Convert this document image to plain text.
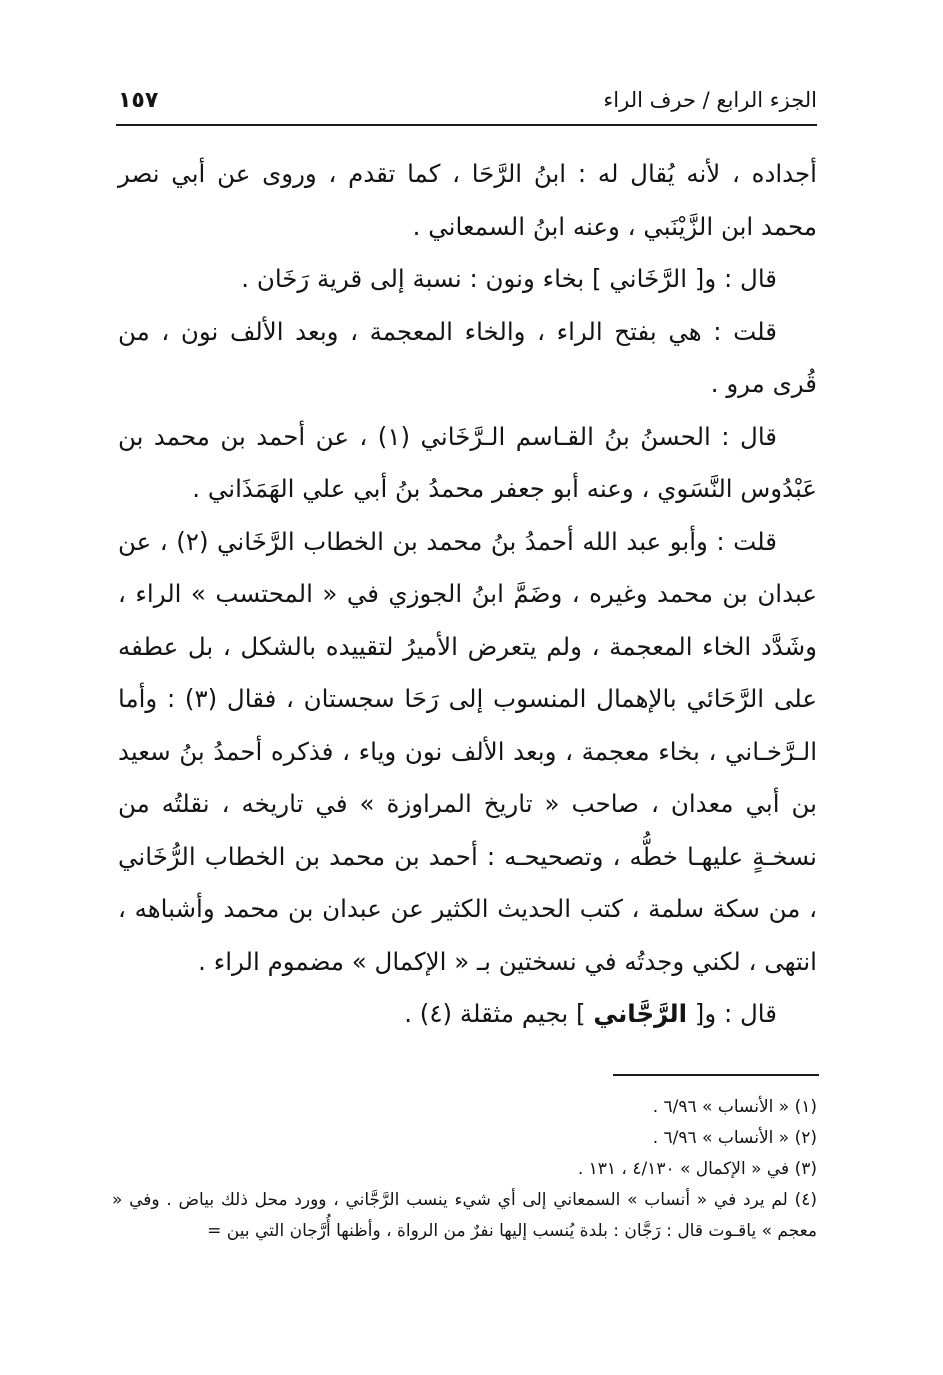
١٥٧	الجزء الرابع / حرف الراء

أجداده ، لأنه يُقال له : ابنُ الرَّحَا ، كما تقدم ، وروى عن أبي نصر محمد ابن الزَّيْنَبي ، وعنه ابنُ السمعاني .

قال : و[ الرَّخَاني ] بخاء ونون : نسبة إلى قرية رَخَان .

قلت : هي بفتح الراء ، والخاء المعجمة ، وبعد الألف نون ، من قُرى مرو .

قال : الحسنُ بنُ القـاسم الـرَّخَاني (١) ، عن أحمد بن محمد بن عَبْدُوس النَّسَوي ، وعنه أبو جعفر محمدُ بنُ أبي علي الهَمَذَاني .

قلت : وأبو عبد الله أحمدُ بنُ محمد بن الخطاب الرَّخَاني (٢) ، عن عبدان بن محمد وغيره ، وضَمَّ ابنُ الجوزي في « المحتسب » الراء ، وشَدَّد الخاء المعجمة ، ولم يتعرض الأميرُ لتقييده بالشكل ، بل عطفه على الرَّحَائي بالإهمال المنسوب إلى رَحَا سجستان ، فقال (٣) : وأما الـرَّخـاني ، بخاء معجمة ، وبعد الألف نون وياء ، فذكره أحمدُ بنُ سعيد بن أبي معدان ، صاحب « تاريخ المراوزة » في تاريخه ، نقلتُه من نسخـةٍ عليهـا خطُّه ، وتصحيحـه : أحمد بن محمد بن الخطاب الرُّخَاني ، من سكة سلمة ، كتب الحديث الكثير عن عبدان بن محمد وأشباهه ، انتهى ، لكني وجدتُه في نسختين بـ « الإكمال » مضموم الراء .

قال : و[ الرَّجَّاني ] بجيم مثقلة (٤) .

(١) « الأنساب » ٦/٩٦ .

(٢) « الأنساب » ٦/٩٦ .

(٣) في « الإكمال » ٤/١٣٠ ، ١٣١ .

(٤) لم يرد في « أنساب » السمعاني إلى أي شيء ينسب الرَّجَّاني ، وورد محل ذلك بياض . وفي « معجم » ياقـوت قال : رَجَّان : بلدة يُنسب إليها نفرٌ من الرواة ، وأظنها أُرَّجان التي بين =
